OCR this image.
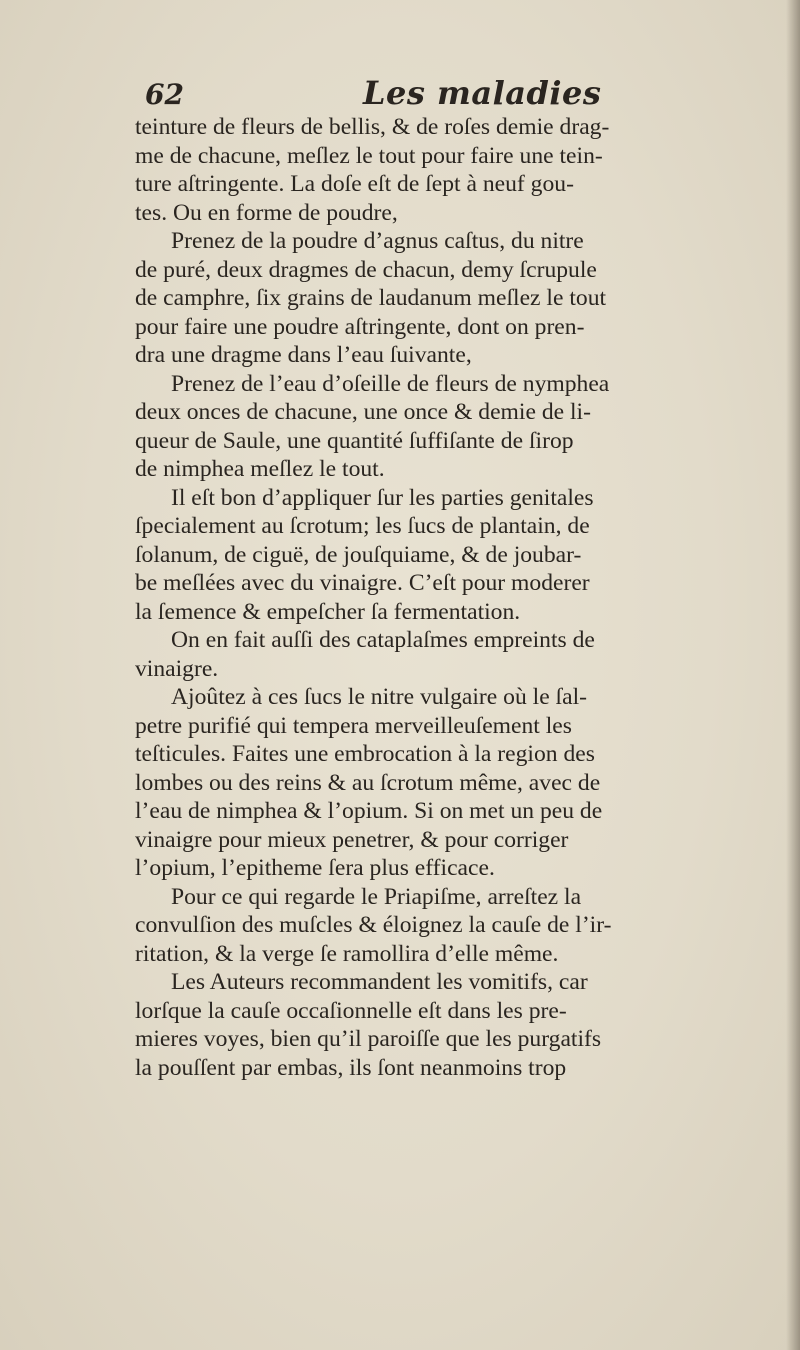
62	Les maladies
teinture de fleurs de bellis, & de roſes demie drag-
me de chacune, meſlez le tout pour faire une tein-
ture aſtringente. La doſe eſt de ſept à neuf gou-
tes. Ou en forme de poudre,
Prenez de la poudre d’agnus caſtus, du nitre
de puré, deux dragmes de chacun, demy ſcrupule
de camphre, ſix grains de laudanum meſlez le tout
pour faire une poudre aſtringente, dont on pren-
dra une dragme dans l’eau ſuivante,
Prenez de l’eau d’oſeille de fleurs de nymphea
deux onces de chacune, une once & demie de li-
queur de Saule, une quantité ſuffiſante de ſirop
de nimphea meſlez le tout.
Il eſt bon d’appliquer ſur les parties genitales
ſpecialement au ſcrotum; les ſucs de plantain, de
ſolanum, de ciguë, de jouſquiame, & de joubar-
be meſlées avec du vinaigre. C’eſt pour moderer
la ſemence & empeſcher ſa fermentation.
On en fait auſſi des cataplaſmes empreints de
vinaigre.
Ajoûtez à ces ſucs le nitre vulgaire où le ſal-
petre purifié qui tempera merveilleuſement les
teſticules. Faites une embrocation à la region des
lombes ou des reins & au ſcrotum même, avec de
l’eau de nimphea & l’opium. Si on met un peu de
vinaigre pour mieux penetrer, & pour corriger
l’opium, l’epitheme ſera plus efficace.
Pour ce qui regarde le Priapiſme, arreſtez la
convulſion des muſcles & éloignez la cauſe de l’ir-
ritation, & la verge ſe ramollira d’elle même.
Les Auteurs recommandent les vomitifs, car
lorſque la cauſe occaſionnelle eſt dans les pre-
mieres voyes, bien qu’il paroiſſe que les purgatifs
la pouſſent par embas, ils ſont neanmoins trop
